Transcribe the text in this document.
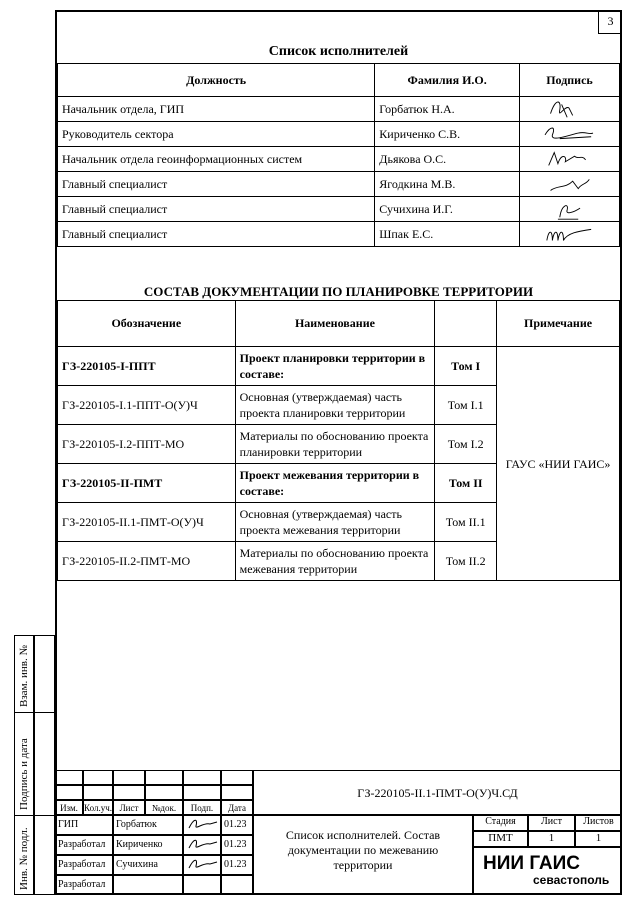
3
Список исполнителей
Должность	Фамилия И.О.	Подпись
Начальник отдела, ГИП	Горбатюк Н.А.	

Руководитель сектора	Кириченко С.В.	

Начальник отдела геоинформационных систем	Дьякова О.С.	

Главный специалист	Ягодкина М.В.	

Главный специалист	Сучихина И.Г.	

Главный специалист	Шпак Е.С.	
СОСТАВ ДОКУМЕНТАЦИИ ПО ПЛАНИРОВКЕ ТЕРРИТОРИИ
Обозначение	Наименование		Примечание
ГЗ-220105-I-ППТ	Проект планировки территории в составе:	Том I	ГАУС «НИИ ГАИС»
ГЗ-220105-I.1-ППТ-О(У)Ч	Основная (утверждаемая) часть проекта планировки территории	Том I.1	
ГЗ-220105-I.2-ППТ-МО	Материалы по обоснованию проекта планировки территории	Том I.2	
ГЗ-220105-II-ПМТ	Проект межевания территории в составе:	Том II	
ГЗ-220105-II.1-ПМТ-О(У)Ч	Основная (утверждаемая) часть проекта межевания территории	Том II.1	
ГЗ-220105-II.2-ПМТ-МО	Материалы по обоснованию проекта межевания территории	Том II.2	
Взам. инв. №
Подпись и дата
Инв. № подл.
Изм. Кол.уч. Лист	№док.	Подп.	Дата
ГИП	Горбатюк	01.23
Разработал	Кириченко	01.23
Разработал	Сучихина	01.23
Разработал
ГЗ-220105-II.1-ПМТ-О(У)Ч.СД
Список исполнителей. Состав документации по межеванию территории
Стадия	Лист	Листов
ПМТ	1	1
НИИ ГАИС
севастополь
